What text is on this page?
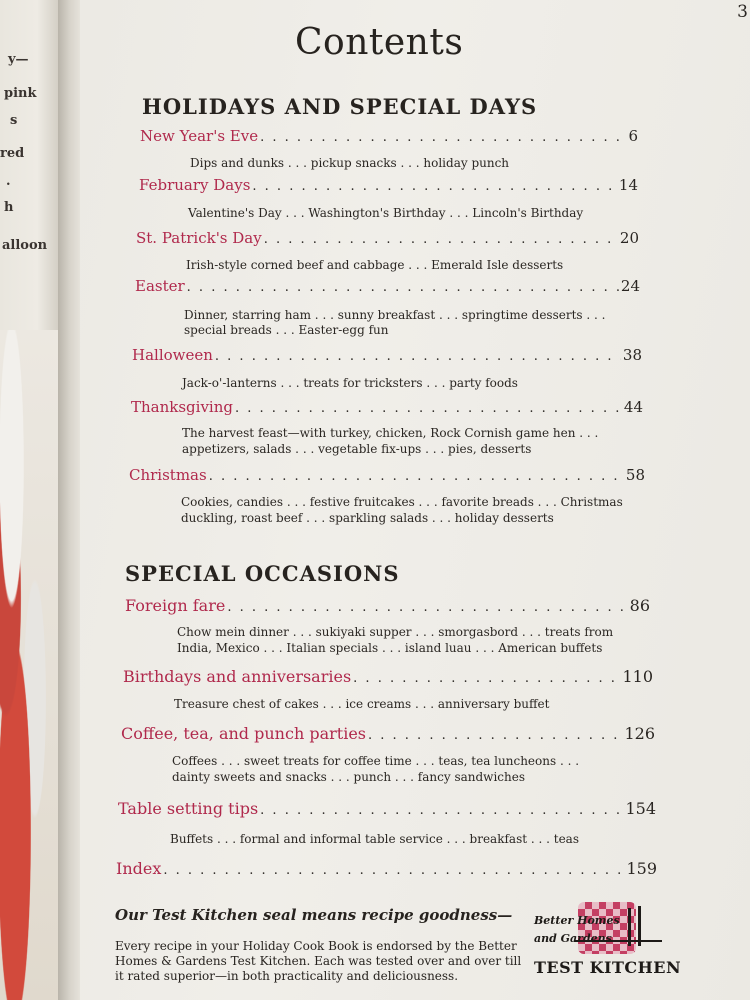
y—
pink
s
red
.
h
alloon
3
Contents
HOLIDAYS AND SPECIAL DAYS
New Year's Eve . . .	6
Dips and dunks . . . pickup snacks . . . holiday punch
February Days . . .	14
Valentine's Day . . . Washington's Birthday . . . Lincoln's Birthday
St. Patrick's Day . . .	20
Irish-style corned beef and cabbage . . . Emerald Isle desserts
Easter . . .	24
Dinner, starring ham . . . sunny breakfast . . . springtime desserts . . .
special breads . . . Easter-egg fun
Halloween . . .	38
Jack-o'-lanterns . . . treats for tricksters . . . party foods
Thanksgiving . . .	44
The harvest feast—with turkey, chicken, Rock Cornish game hen . . .
appetizers, salads . . . vegetable fix-ups . . . pies, desserts
Christmas . . .	58
Cookies, candies . . . festive fruitcakes . . . favorite breads . . . Christmas
duckling, roast beef . . . sparkling salads . . . holiday desserts
SPECIAL OCCASIONS
Foreign fare . . .	86
Chow mein dinner . . . sukiyaki supper . . . smorgasbord . . . treats from
India, Mexico . . . Italian specials . . . island luau . . . American buffets
Birthdays and anniversaries . . .	110
Treasure chest of cakes . . . ice creams . . . anniversary buffet
Coffee, tea, and punch parties . . .	126
Coffees . . . sweet treats for coffee time . . . teas, tea luncheons . . .
dainty sweets and snacks . . . punch . . . fancy sandwiches
Table setting tips . . .	154
Buffets . . . formal and informal table service . . . breakfast . . . teas
Index . . .	159
Our Test Kitchen seal means recipe goodness—
Every recipe in your Holiday Cook Book is endorsed by the Better
Homes & Gardens Test Kitchen. Each was tested over and over till
it rated superior—in both practicality and deliciousness.
Better Homes
and Gardens
TEST KITCHEN
